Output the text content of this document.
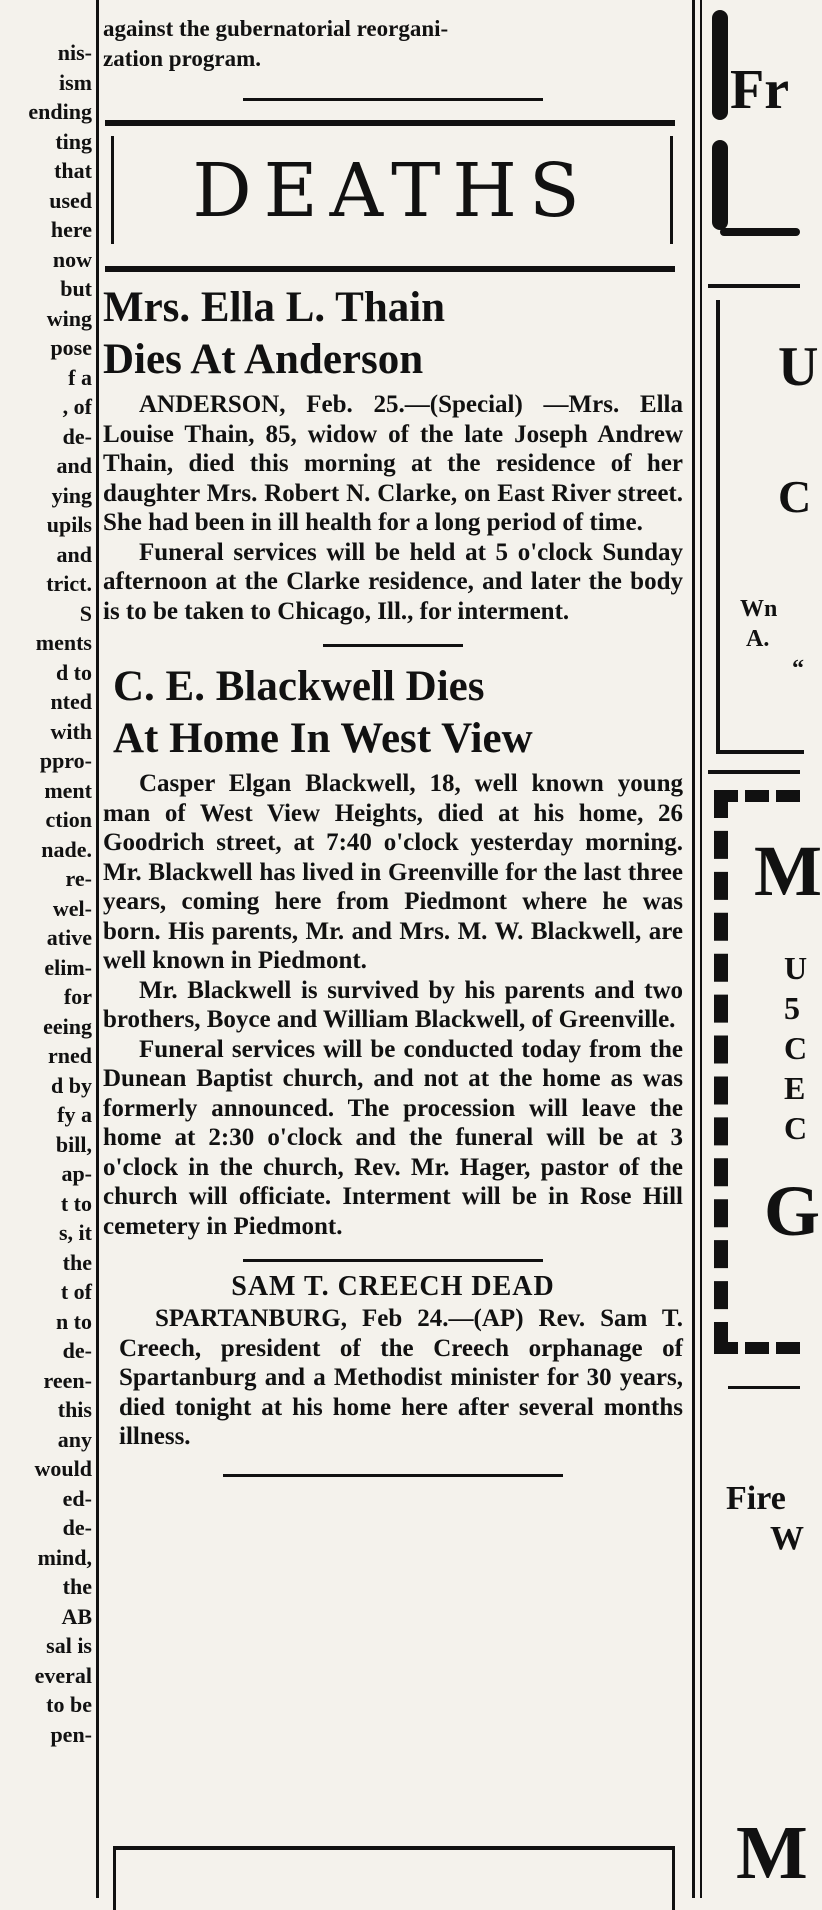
nis-
ism
ending
ting
that
used
here
now
but
wing
pose
f a
, of
de-
and
ying
upils
and
trict.
S
ments
d to
nted
with
ppro-
ment
ction
nade.
re-
wel-
ative
elim-
for
eeing
rned
d by
fy a
bill,
ap-
t to
s, it
the
t of
n to
de-
reen-
this
any
would
ed-
de-
mind,
the
AB
sal is
everal
to be
pen-
against the gubernatorial reorgani-
zation program.
DEATHS
Mrs. Ella L. Thain
Dies At Anderson

ANDERSON, Feb. 25.—(Special) —Mrs. Ella Louise Thain, 85, widow of the late Joseph Andrew Thain, died this morning at the residence of her daughter Mrs. Robert N. Clarke, on East River street. She had been in ill health for a long period of time.

Funeral services will be held at 5 o'clock Sunday afternoon at the Clarke residence, and later the body is to be taken to Chicago, Ill., for interment.

C. E. Blackwell Dies
At Home In West View

Casper Elgan Blackwell, 18, well known young man of West View Heights, died at his home, 26 Goodrich street, at 7:40 o'clock yesterday morning. Mr. Blackwell has lived in Greenville for the last three years, coming here from Piedmont where he was born. His parents, Mr. and Mrs. M. W. Blackwell, are well known in Piedmont.

Mr. Blackwell is survived by his parents and two brothers, Boyce and William Blackwell, of Greenville.

Funeral services will be conducted today from the Dunean Baptist church, and not at the home as was formerly announced. The procession will leave the home at 2:30 o'clock and the funeral will be at 3 o'clock in the church, Rev. Mr. Hager, pastor of the church will officiate. Interment will be in Rose Hill cemetery in Piedmont.

SAM T. CREECH DEAD

SPARTANBURG, Feb 24.—(AP) Rev. Sam T. Creech, president of the Creech orphanage of Spartanburg and a Methodist minister for 30 years, died tonight at his home here after several months illness.

Fr
U
C
Wn
A.
“
M
U
5
C
E
C
G
Fire
W
M
